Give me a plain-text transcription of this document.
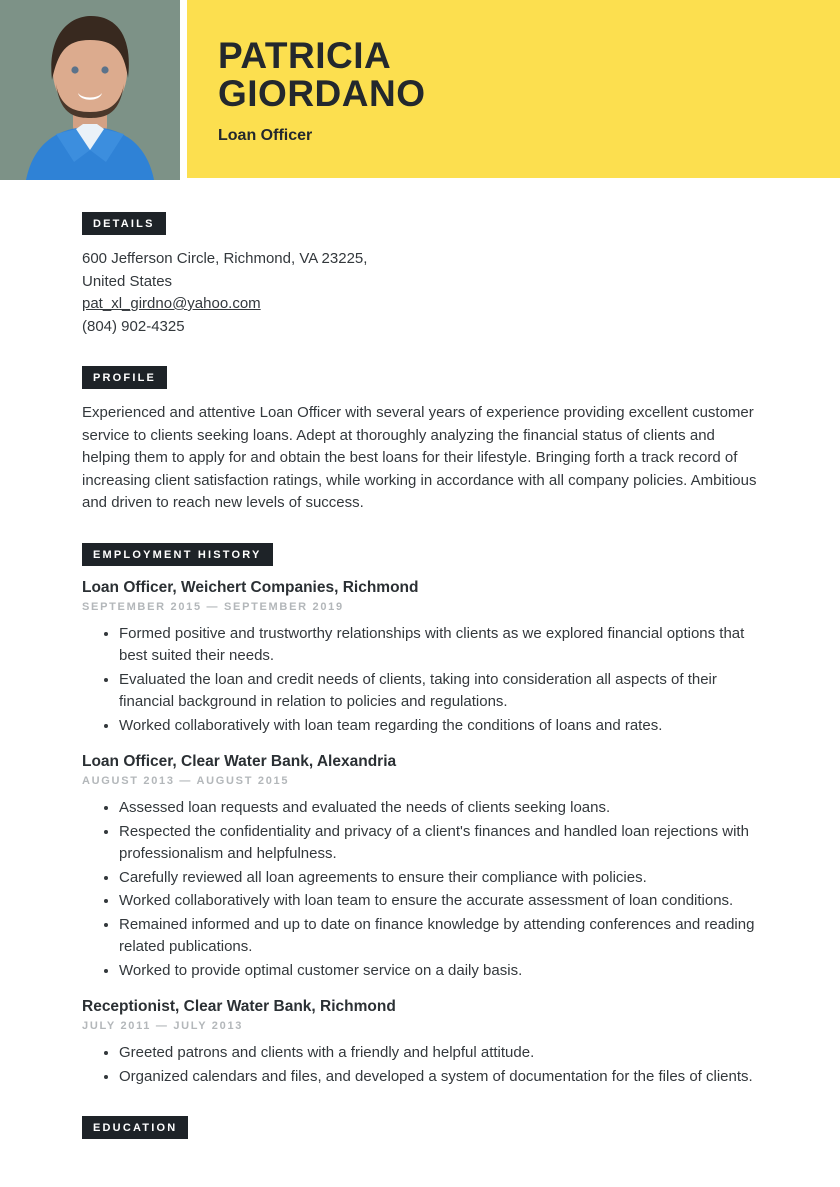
PATRICIA
GIORDANO
Loan Officer
DETAILS
600 Jefferson Circle, Richmond, VA 23225,
United States
pat_xl_girdno@yahoo.com
(804) 902-4325
PROFILE
Experienced and attentive Loan Officer with several years of experience providing excellent customer service to clients seeking loans. Adept at thoroughly analyzing the financial status of clients and helping them to apply for and obtain the best loans for their lifestyle. Bringing forth a track record of increasing client satisfaction ratings, while working in accordance with all company policies. Ambitious and driven to reach new levels of success.
EMPLOYMENT HISTORY
Loan Officer, Weichert Companies, Richmond
SEPTEMBER 2015 — SEPTEMBER 2019
• Formed positive and trustworthy relationships with clients as we explored financial options that best suited their needs.
• Evaluated the loan and credit needs of clients, taking into consideration all aspects of their financial background in relation to policies and regulations.
• Worked collaboratively with loan team regarding the conditions of loans and rates.
Loan Officer, Clear Water Bank, Alexandria
AUGUST 2013 — AUGUST 2015
• Assessed loan requests and evaluated the needs of clients seeking loans.
• Respected the confidentiality and privacy of a client's finances and handled loan rejections with professionalism and helpfulness.
• Carefully reviewed all loan agreements to ensure their compliance with policies.
• Worked collaboratively with loan team to ensure the accurate assessment of loan conditions.
• Remained informed and up to date on finance knowledge by attending conferences and reading related publications.
• Worked to provide optimal customer service on a daily basis.
Receptionist, Clear Water Bank, Richmond
JULY 2011 — JULY 2013
• Greeted patrons and clients with a friendly and helpful attitude.
• Organized calendars and files, and developed a system of documentation for the files of clients.
EDUCATION
